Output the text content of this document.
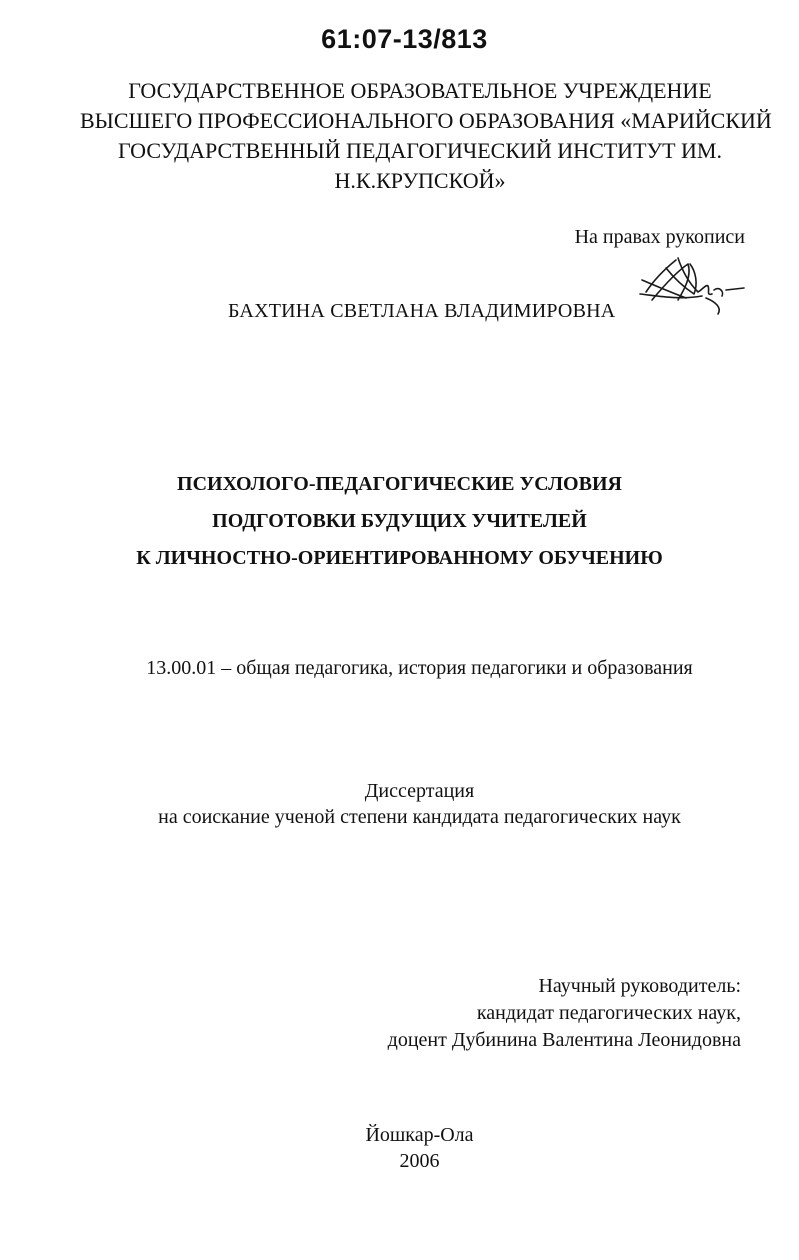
61:07-13/813
ГОСУДАРСТВЕННОЕ ОБРАЗОВАТЕЛЬНОЕ УЧРЕЖДЕНИЕ
ВЫСШЕГО ПРОФЕССИОНАЛЬНОГО ОБРАЗОВАНИЯ «МАРИЙСКИЙ
ГОСУДАРСТВЕННЫЙ ПЕДАГОГИЧЕСКИЙ ИНСТИТУТ ИМ.
Н.К.КРУПСКОЙ»
На правах рукописи
БАХТИНА СВЕТЛАНА ВЛАДИМИРОВНА
ПСИХОЛОГО-ПЕДАГОГИЧЕСКИЕ УСЛОВИЯ
ПОДГОТОВКИ БУДУЩИХ УЧИТЕЛЕЙ
К ЛИЧНОСТНО-ОРИЕНТИРОВАННОМУ ОБУЧЕНИЮ
13.00.01 – общая педагогика, история педагогики и образования
Диссертация
на соискание ученой степени кандидата педагогических наук
Научный руководитель:
кандидат педагогических наук,
доцент Дубинина Валентина Леонидовна
Йошкар-Ола
2006
